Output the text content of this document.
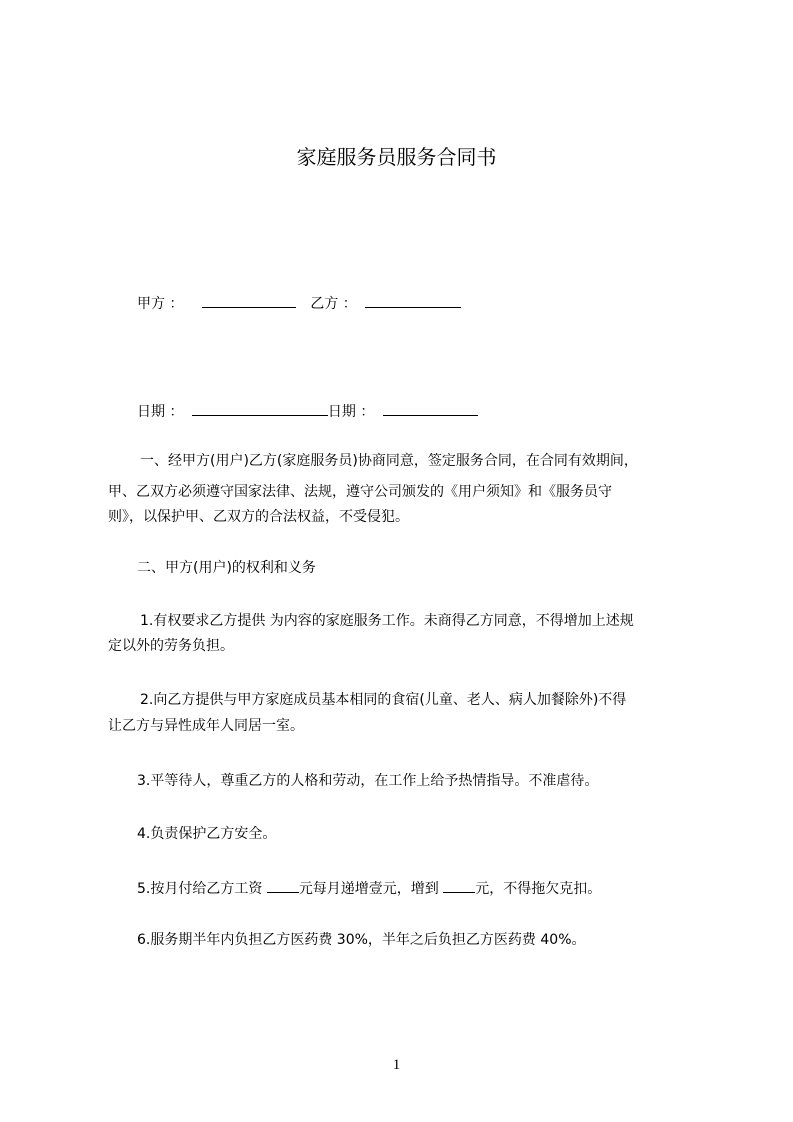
家庭服务员服务合同书
甲方 ：	乙方 ：
日期 ：	日期 ：
一、经甲方(用户)乙方(家庭服务员)协商同意，签定服务合同，在合同有效期间，
甲、乙双方必须遵守国家法律、法规，遵守公司颁发的《用户须知》和《服务员守
则》，以保护甲、乙双方的合法权益，不受侵犯。
二、甲方(用户)的权利和义务
1.有权要求乙方提供 为内容的家庭服务工作。未商得乙方同意，不得增加上述规
定以外的劳务负担。
2.向乙方提供与甲方家庭成员基本相同的食宿(儿童、老人、病人加餐除外)不得
让乙方与异性成年人同居一室。
3.平等待人，尊重乙方的人格和劳动，在工作上给予热情指导。不准虐待。
4.负责保护乙方安全。
5.按月付给乙方工资 元每月递增壹元，增到 元，不得拖欠克扣。
6.服务期半年内负担乙方医药费 30%，半年之后负担乙方医药费 40%。
1
